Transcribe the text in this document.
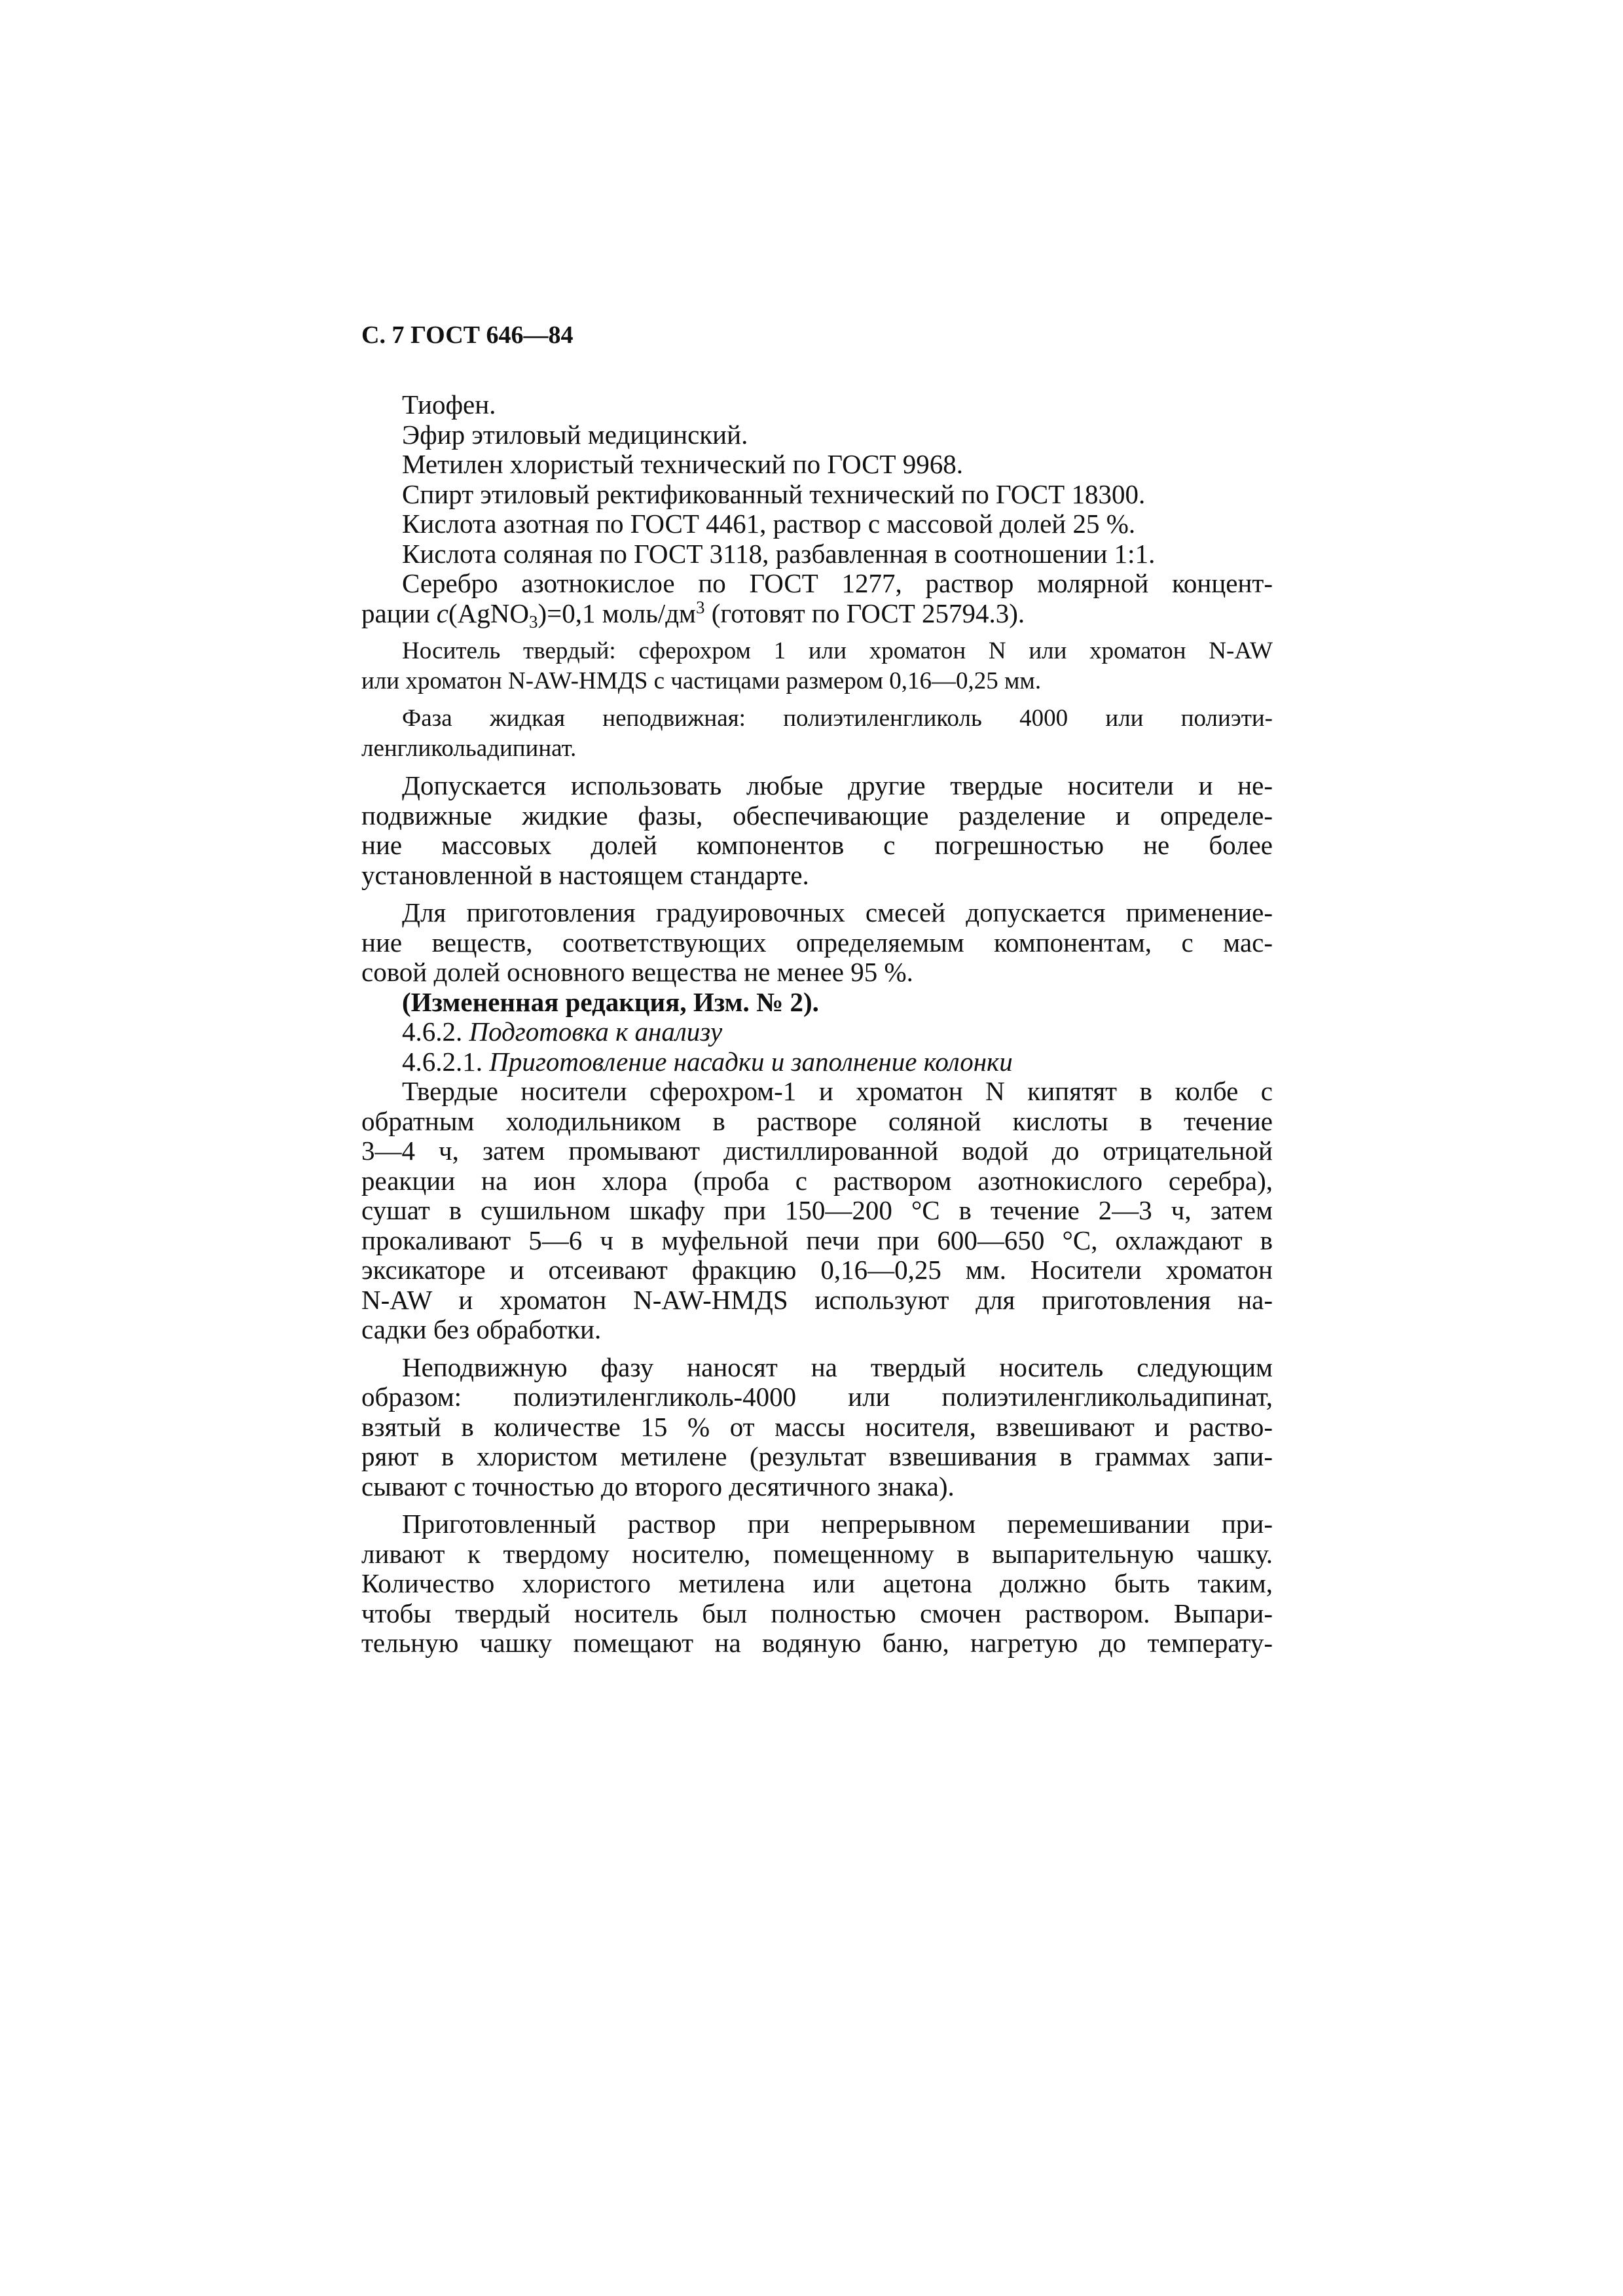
С. 7 ГОСТ 646—84
Тиофен.
Эфир этиловый медицинский.
Метилен хлористый технический по ГОСТ 9968.
Спирт этиловый ректификованный технический по ГОСТ 18300.
Кислота азотная по ГОСТ 4461, раствор с массовой долей 25 %.
Кислота соляная по ГОСТ 3118, разбавленная в соотношении 1:1.
Серебро азотнокислое по ГОСТ 1277, раствор молярной концент-
рации c(AgNO$_3$)=0,1 моль/$дм^3$ (готовят по ГОСТ 25794.3).
Носитель твердый: сферохром 1 или хроматон N или хроматон N-AW
или хроматон N-AW-HMДS с частицами размером 0,16—0,25 мм.
Фаза жидкая неподвижная: полиэтиленгликоль 4000 или полиэти-
ленгликольадипинат.
Допускается использовать любые другие твердые носители и не-
подвижные жидкие фазы, обеспечивающие разделение и определе-
ние массовых долей компонентов с погрешностью не более
установленной в настоящем стандарте.
Для приготовления градуировочных смесей допускается применение-
ние веществ, соответствующих определяемым компонентам, с мас-
совой долей основного вещества не менее 95 %.
(Измененная редакция, Изм. № 2).
4.6.2. Подготовка к анализу
4.6.2.1. Приготовление насадки и заполнение колонки
Твердые носители сферохром-1 и хроматон N кипятят в колбе с
обратным холодильником в растворе соляной кислоты в течение
3—4 ч, затем промывают дистиллированной водой до отрицательной
реакции на ион хлора (проба с раствором азотнокислого серебра),
сушат в сушильном шкафу при 150—200 °С в течение 2—3 ч, затем
прокаливают 5—6 ч в муфельной печи при 600—650 °С, охлаждают в
эксикаторе и отсеивают фракцию 0,16—0,25 мм. Носители хроматон
N-AW и хроматон N-AW-HMДS используют для приготовления на-
садки без обработки.
Неподвижную фазу наносят на твердый носитель следующим
образом: полиэтиленгликоль-4000 или полиэтиленгликольадипинат,
взятый в количестве 15 % от массы носителя, взвешивают и раство-
ряют в хлористом метилене (результат взвешивания в граммах запи-
сывают с точностью до второго десятичного знака).
Приготовленный раствор при непрерывном перемешивании при-
ливают к твердому носителю, помещенному в выпарительную чашку.
Количество хлористого метилена или ацетона должно быть таким,
чтобы твердый носитель был полностью смочен раствором. Выпари-
тельную чашку помещают на водяную баню, нагретую до температу-
